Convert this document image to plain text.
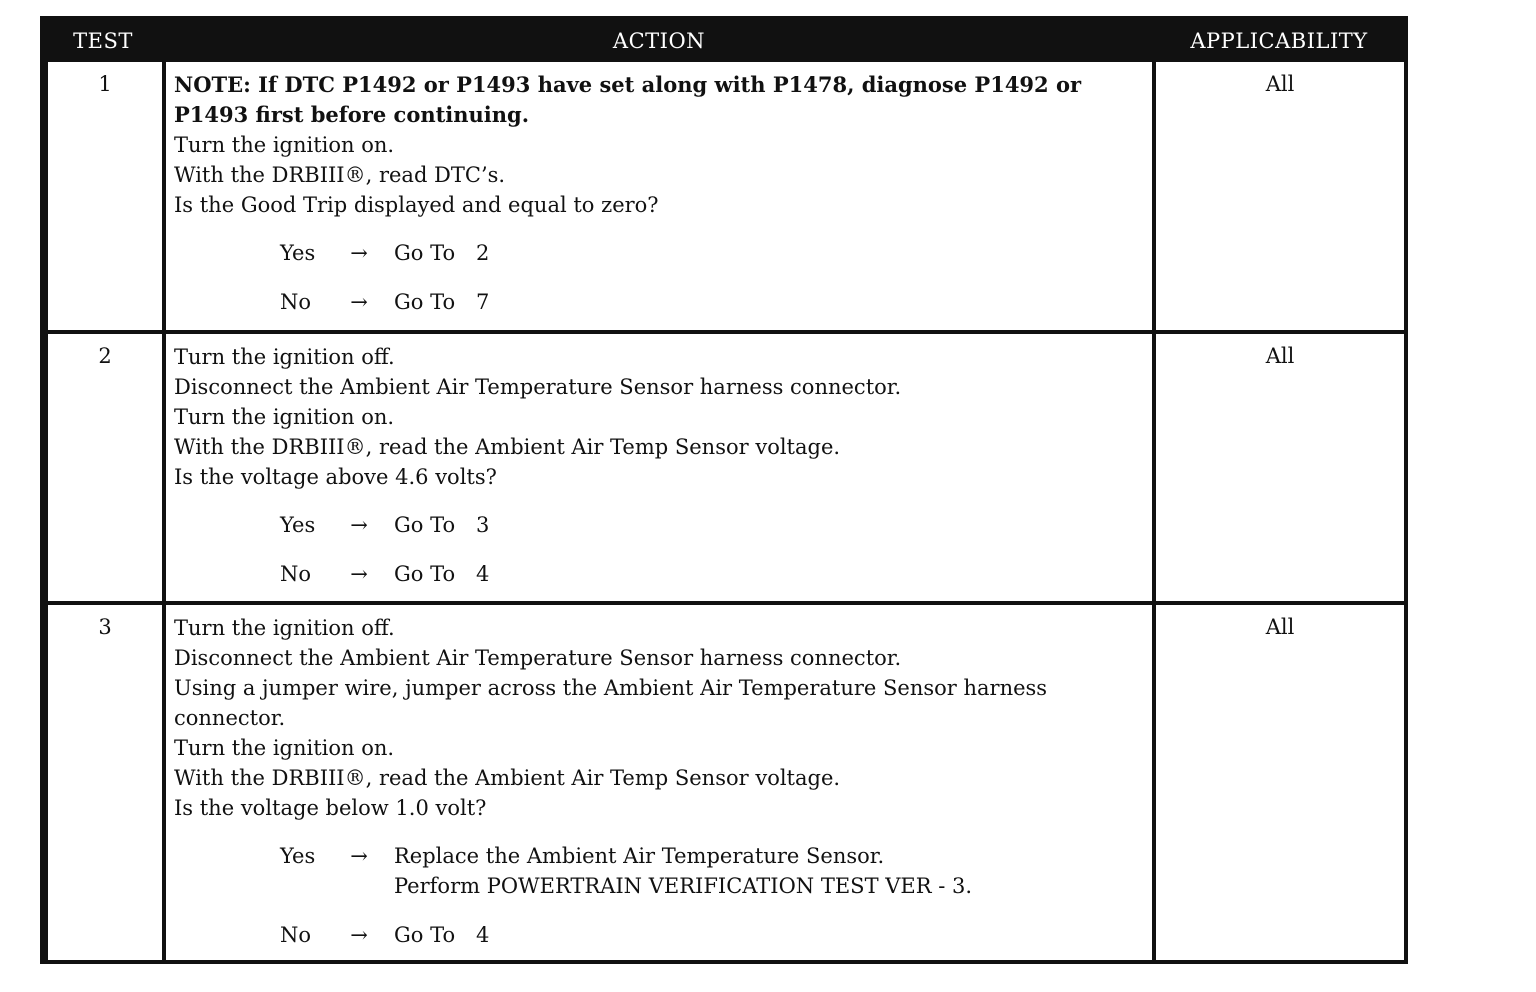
TEST	ACTION	APPLICABILITY
1	NOTE: If DTC P1492 or P1493 have set along with P1478, diagnose P1492 or P1493 first before continuing.
Turn the ignition on.
With the DRBIII®, read DTC’s.
Is the Good Trip displayed and equal to zero?
Yes	→ Go To 2
No	→ Go To 7
All
2	Turn the ignition off.
Disconnect the Ambient Air Temperature Sensor harness connector.
Turn the ignition on.
With the DRBIII®, read the Ambient Air Temp Sensor voltage.
Is the voltage above 4.6 volts?
Yes	→ Go To 3
No	→ Go To 4
All
3	Turn the ignition off.
Disconnect the Ambient Air Temperature Sensor harness connector.
Using a jumper wire, jumper across the Ambient Air Temperature Sensor harness connector.
Turn the ignition on.
With the DRBIII®, read the Ambient Air Temp Sensor voltage.
Is the voltage below 1.0 volt?
Yes	→ Replace the Ambient Air Temperature Sensor.
Perform POWERTRAIN VERIFICATION TEST VER - 3.
No	→ Go To 4
All
